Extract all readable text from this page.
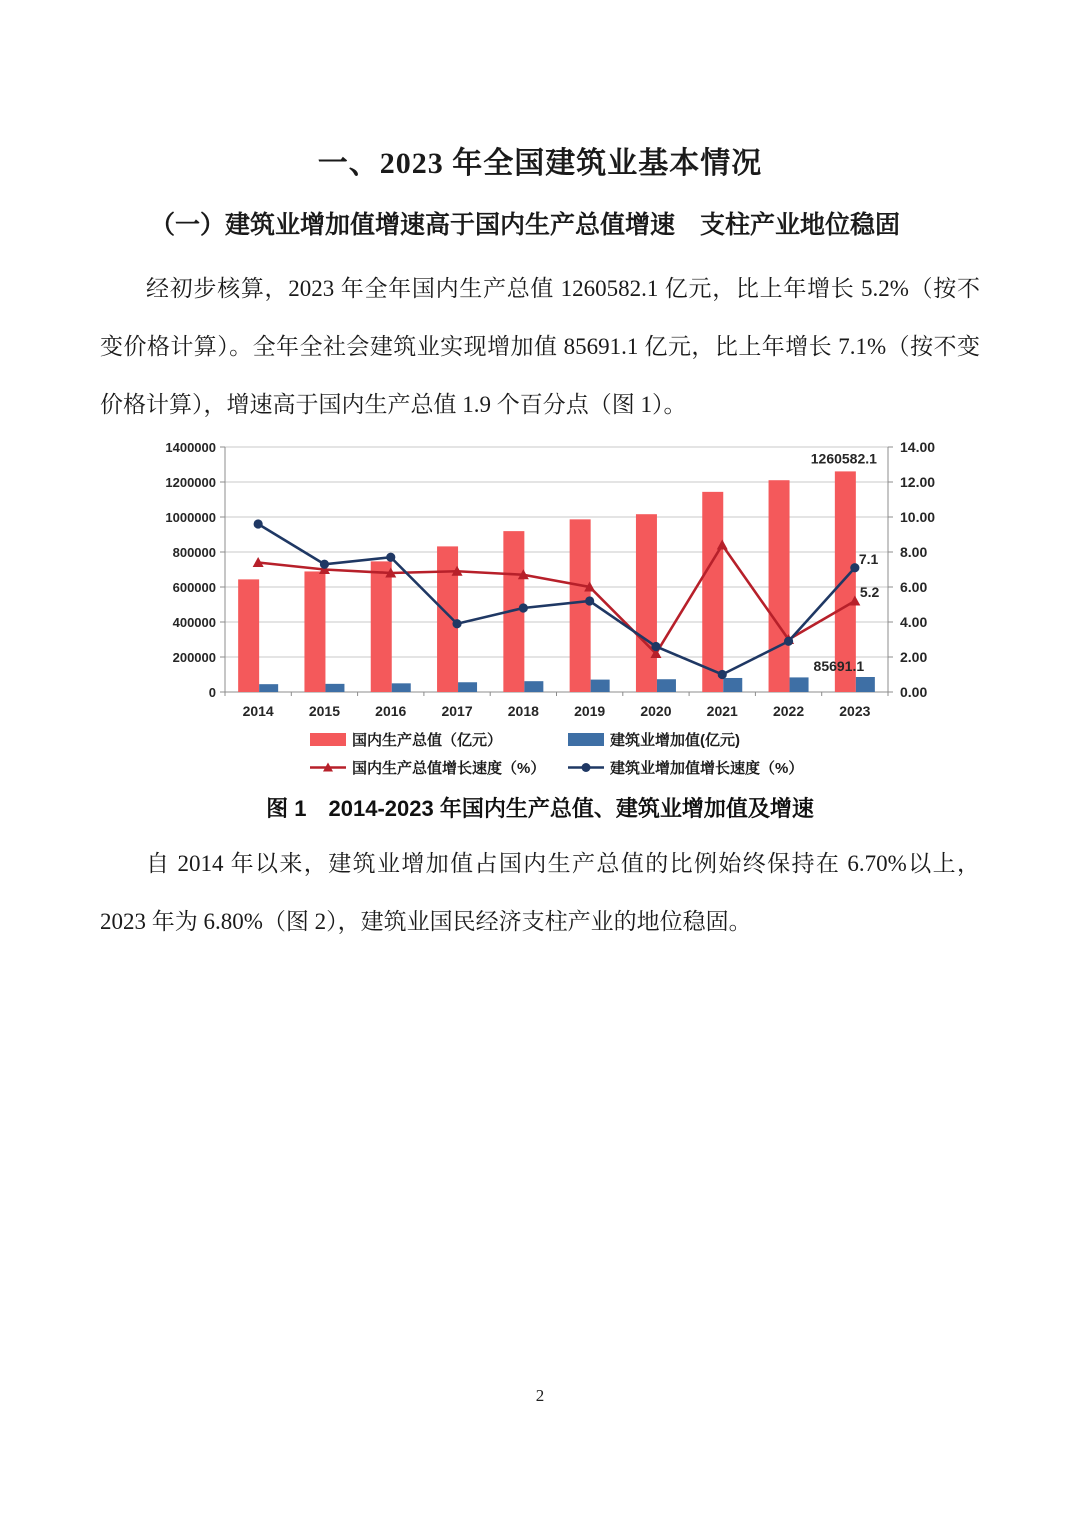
一、2023 年全国建筑业基本情况

（一）建筑业增加值增速高于国内生产总值增速　支柱产业地位稳固

经初步核算，2023 年全年国内生产总值 1260582.1 亿元，比上年增长 5.2%（按不变价格计算）。全年全社会建筑业实现增加值 85691.1 亿元，比上年增长 7.1%（按不变价格计算），增速高于国内生产总值 1.9 个百分点（图 1）。

0
200000
400000
600000
800000
1000000
1200000
1400000
0.00
2.00
4.00
6.00
8.00
10.00
12.00
14.00
2014	2015	2016	2017	2018	2019	2020	2021	2022	2023
1260582.1
85691.1
7.1
5.2
国内生产总值（亿元）	建筑业增加值(亿元)
国内生产总值增长速度（%）	建筑业增加值增长速度（%）
图 1　2014-2023 年国内生产总值、建筑业增加值及增速

自 2014 年以来，建筑业增加值占国内生产总值的比例始终保持在 6.70%以上，2023 年为 6.80%（图 2），建筑业国民经济支柱产业的地位稳固。

2
